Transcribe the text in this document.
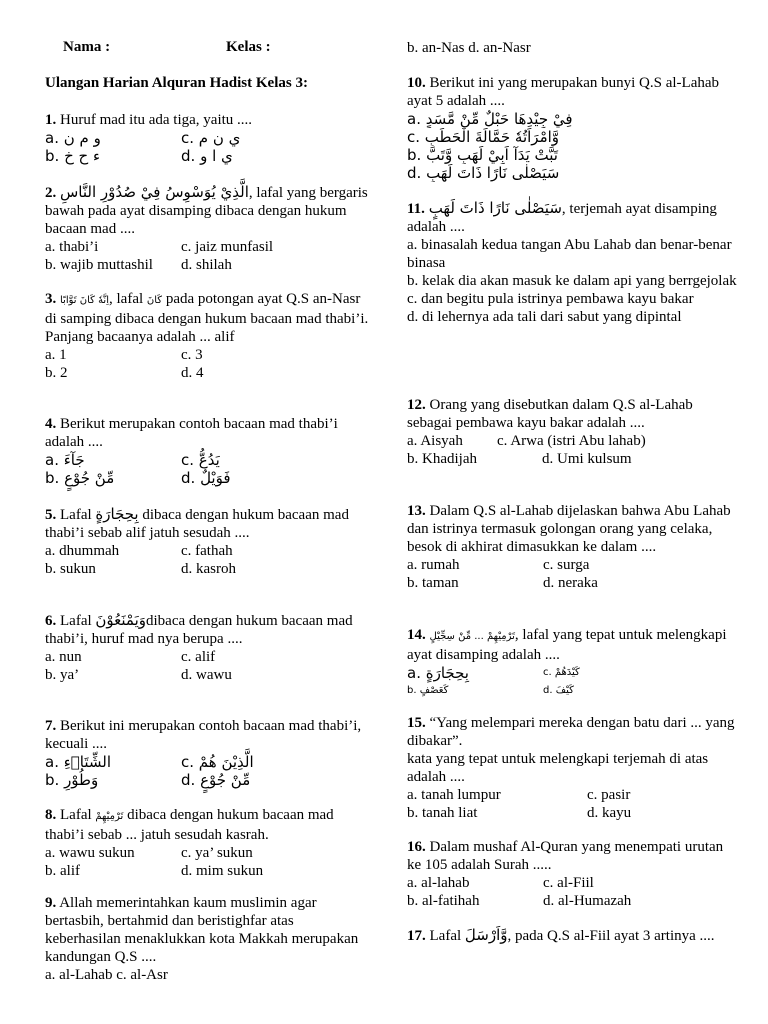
Nama :	Kelas :
Ulangan Harian Alquran Hadist Kelas 3:
1. Huruf mad itu ada tiga, yaitu ....
a. و م ن	c. ي ن م
b. ء ح خ	d. ي ا و
2. الَّذِيْ يُوَسْوِسُ فِيْ صُدُوْرِ النَّاسِ, lafal yang bergaris bawah pada ayat disamping dibaca dengan hukum bacaan mad ....
a. thabi’i	c. jaiz munfasil
b. wajib muttashil	d. shilah
3. اِنَّهٗ كَانَ تَوَّابًا, lafal كَانَ pada potongan ayat Q.S an-Nasr di samping dibaca dengan hukum bacaan mad thabi’i. Panjang bacaanya adalah ... alif
a. 1	c. 3
b. 2	d. 4
4. Berikut merupakan contoh bacaan mad thabi’i adalah ....
a. جَآءَ	c. يَدُعُّ
b. مِّنْ جُوْعٍ	d. فَوَيْلٌ
5. Lafal بِحِجَارَةٍ dibaca dengan hukum bacaan mad thabi’i sebab alif jatuh sesudah ....
a. dhummah	c. fathah
b. sukun	d. kasroh
6. Lafal وَيَمْنَعُوْنَdibaca dengan hukum bacaan mad thabi’i, huruf mad nya berupa ....
a. nun	c. alif
b. ya’	d. wawu
7. Berikut ini merupakan contoh bacaan mad thabi’i, kecuali ....
a. الشِّتَاۤءِ	c. الَّذِيْنَ هُمْ
b. وَطُوْرِ	d. مِّنْ جُوْعٍ
8. Lafal تَرْمِيْهِمْ dibaca dengan hukum bacaan mad thabi’i sebab ... jatuh sesudah kasrah.
a. wawu sukun	c. ya’ sukun
b. alif	d. mim sukun
9. Allah memerintahkan kaum muslimin agar bertasbih, bertahmid dan beristighfar atas keberhasilan menaklukkan kota Makkah merupakan kandungan Q.S ....
a. al-Lahab c. al-Asr
b. an-Nas d. an-Nasr
10. Berikut ini yang merupakan bunyi Q.S al-Lahab ayat 5 adalah ....
a. فِيْ جِيْدِهَا حَبْلٌ مِّنْ مَّسَدٍ
c. وَّامْرَاَتُهٗ حَمَّالَةَ الْحَطَبِ
b. تَبَّتْ يَدَآ اَبِيْ لَهَبٍ وَّتَبَّ
d. سَيَصْلٰى نَارًا ذَاتَ لَهَبٍ
11. سَيَصْلٰى نَارًا ذَاتَ لَهَبٍ, terjemah ayat disamping adalah ....
a. binasalah kedua tangan Abu Lahab dan benar-benar binasa
b. kelak dia akan masuk ke dalam api yang berrgejolak
c. dan begitu pula istrinya pembawa kayu bakar
d. di lehernya ada tali dari sabut yang dipintal
12. Orang yang disebutkan dalam Q.S al-Lahab sebagai pembawa kayu bakar adalah ....
a. Aisyah	c. Arwa (istri Abu lahab)
b. Khadijah	d. Umi kulsum
13. Dalam Q.S al-Lahab dijelaskan bahwa Abu Lahab dan istrinya termasuk golongan orang yang celaka, besok di akhirat dimasukkan ke dalam ....
a. rumah	c. surga
b. taman	d. neraka
14. تَرْمِيْهِمْ ... مِّنْ سِجِّيْلٍ, lafal yang tepat untuk melengkapi ayat disamping adalah ....
a. بِحِجَارَةٍ	c. كَيْدَهُمْ
b. كَعَصْفٍ	d. كَيْفَ
15. “Yang melempari mereka dengan batu dari ... yang dibakar”.
kata yang tepat untuk melengkapi terjemah di atas adalah ....
a. tanah lumpur	c. pasir
b. tanah liat	d. kayu
16. Dalam mushaf Al-Quran yang menempati urutan ke 105 adalah Surah .....
a. al-lahab	c. al-Fiil
b. al-fatihah	d. al-Humazah
17. Lafal وَّاَرْسَلَ, pada Q.S al-Fiil ayat 3 artinya ....
